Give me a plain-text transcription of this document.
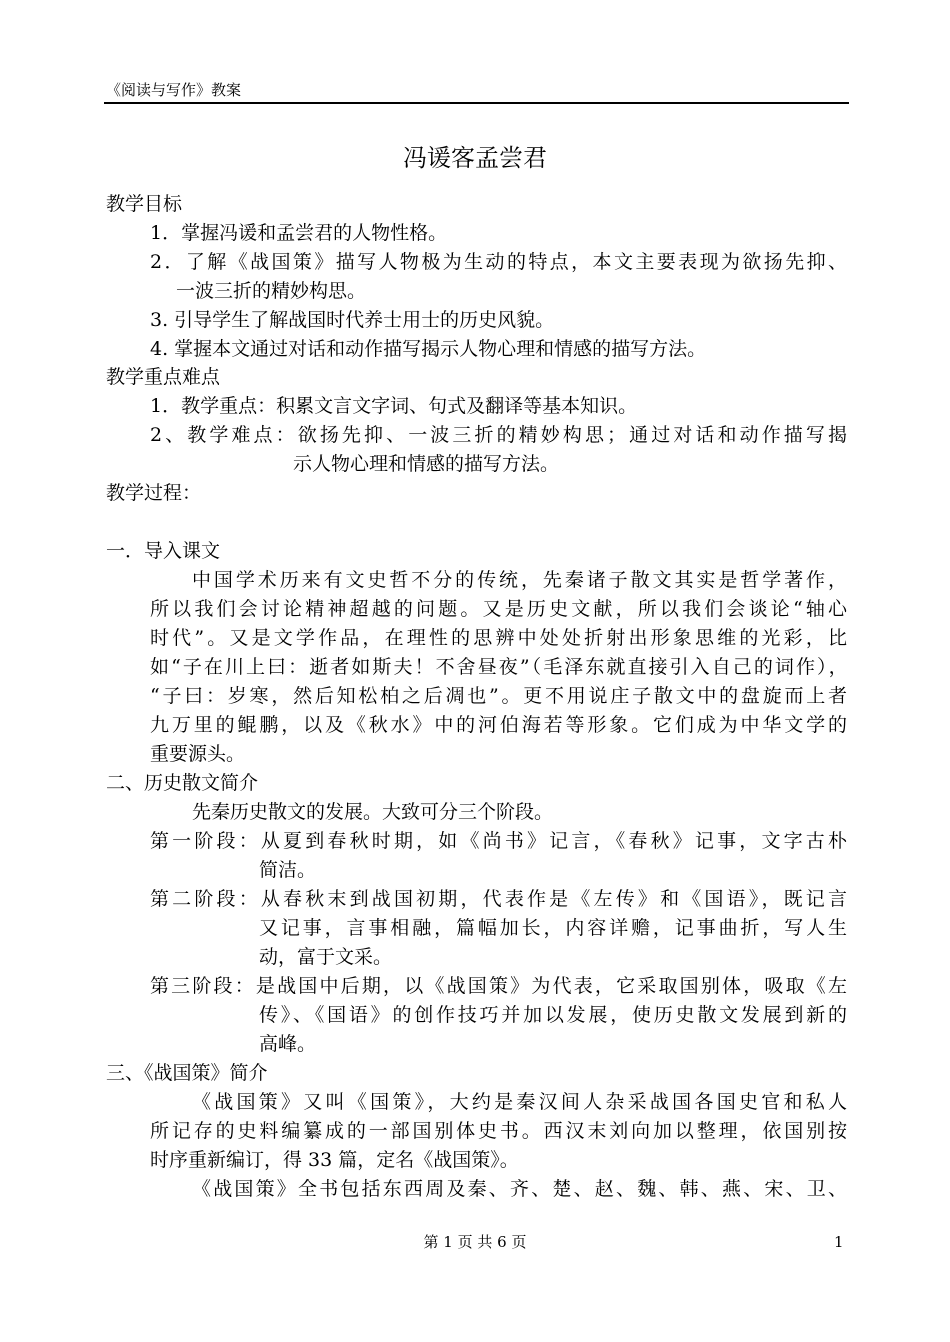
《阅读与写作》教案
冯谖客孟尝君
教学目标
1．掌握冯谖和孟尝君的人物性格。
2．了解《战国策》描写人物极为生动的特点，本文主要表现为欲扬先抑、
一波三折的精妙构思。
3. 引导学生了解战国时代养士用士的历史风貌。
4. 掌握本文通过对话和动作描写揭示人物心理和情感的描写方法。
教学重点难点
1．教学重点：积累文言文字词、句式及翻译等基本知识。
2、教学难点：欲扬先抑、一波三折的精妙构思；通过对话和动作描写揭
示人物心理和情感的描写方法。
教学过程：
一．导入课文
中国学术历来有文史哲不分的传统，先秦诸子散文其实是哲学著作，
所以我们会讨论精神超越的问题。又是历史文献，所以我们会谈论“轴心
时代”。又是文学作品，在理性的思辨中处处折射出形象思维的光彩，比
如“子在川上曰：逝者如斯夫！不舍昼夜”（毛泽东就直接引入自己的词作），
“子曰：岁寒，然后知松柏之后凋也”。更不用说庄子散文中的盘旋而上者
九万里的鲲鹏，以及《秋水》中的河伯海若等形象。它们成为中华文学的
重要源头。
二、历史散文简介
先秦历史散文的发展。大致可分三个阶段。
第一阶段：从夏到春秋时期，如《尚书》记言，《春秋》记事，文字古朴
简洁。
第二阶段：从春秋末到战国初期，代表作是《左传》和《国语》，既记言
又记事，言事相融，篇幅加长，内容详赡，记事曲折，写人生
动，富于文采。
第三阶段：是战国中后期，以《战国策》为代表，它采取国别体，吸取《左
传》、《国语》的创作技巧并加以发展，使历史散文发展到新的
高峰。
三、《战国策》简介
《战国策》又叫《国策》，大约是秦汉间人杂采战国各国史官和私人
所记存的史料编纂成的一部国别体史书。西汉末刘向加以整理，依国别按
时序重新编订，得 33 篇，定名《战国策》。
《战国策》全书包括东西周及秦、齐、楚、赵、魏、韩、燕、宋、卫、
第 1 页 共 6 页	1
